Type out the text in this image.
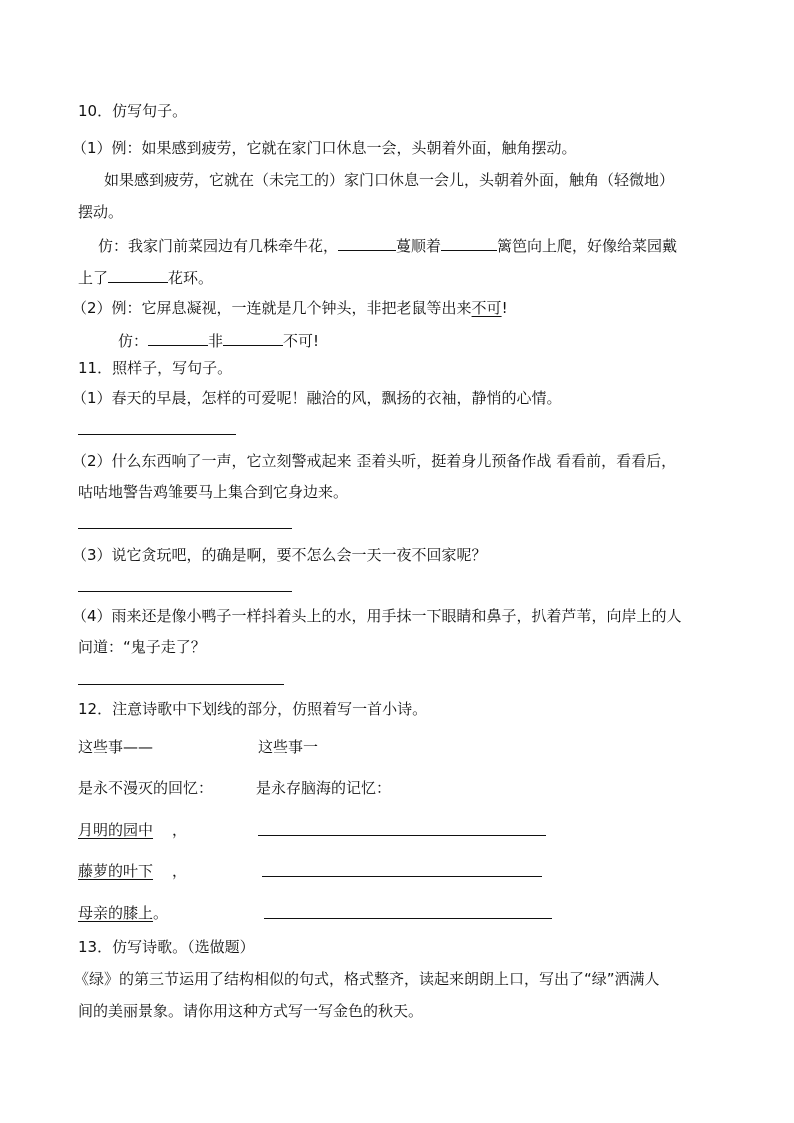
10．仿写句子。
（1）例：如果感到疲劳，它就在家门口休息一会，头朝着外面，触角摆动。
如果感到疲劳，它就在（未完工的）家门口休息一会儿，头朝着外面，触角（轻微地）
摆动。
仿：我家门前菜园边有几株牵牛花，	蔓顺着	篱笆向上爬，好像给菜园戴
上了	花环。
（2）例：它屏息凝视，一连就是几个钟头，非把老鼠等出来不可!
仿：	非	不可!
11．照样子，写句子。
（1）春天的早晨，怎样的可爱呢！融洽的风，飘扬的衣袖，静悄的心情。
（2）什么东西响了一声，它立刻警戒起来 歪着头听，挺着身儿预备作战 看看前，看看后，
咕咕地警告鸡雏要马上集合到它身边来。
（3）说它贪玩吧，的确是啊，要不怎么会一天一夜不回家呢？
（4）雨来还是像小鸭子一样抖着头上的水，用手抹一下眼睛和鼻子，扒着芦苇，向岸上的人
问道：“鬼子走了？
12．注意诗歌中下划线的部分，仿照着写一首小诗。
这些事——	这些事一
是永不漫灭的回忆：	是永存脑海的记忆：
月明的园中 ，
藤萝的叶下 ，
母亲的膝上。
13．仿写诗歌。（选做题）
《绿》的第三节运用了结构相似的句式，格式整齐，读起来朗朗上口，写出了“绿”洒满人
间的美丽景象。请你用这种方式写一写金色的秋天。
